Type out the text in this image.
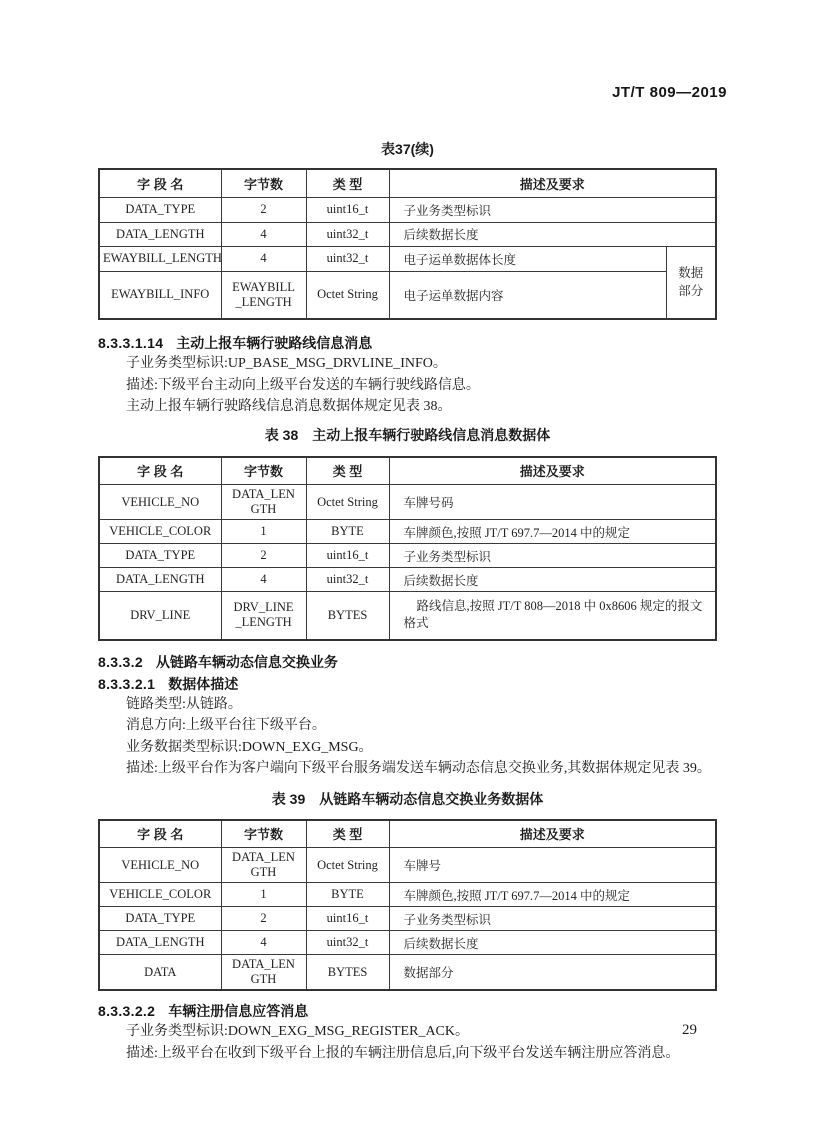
JT/T 809—2019
表37(续)
字 段 名	字节数	类 型	描述及要求	
DATA_TYPE	2	uint16_t	子业务类型标识	
DATA_LENGTH	4	uint32_t	后续数据长度	
EWAYBILL_LENGTH	4	uint32_t	电子运单数据体长度	数据部分
EWAYBILL_INFO	EWAYBILL_LENGTH	Octet String	电子运单数据内容	
8.3.3.1.14 主动上报车辆行驶路线信息消息

子业务类型标识:UP_BASE_MSG_DRVLINE_INFO。

描述:下级平台主动向上级平台发送的车辆行驶线路信息。

主动上报车辆行驶路线信息消息数据体规定见表 38。

表 38 主动上报车辆行驶路线信息消息数据体
字 段 名	字节数	类 型	描述及要求
VEHICLE_NO	DATA_LENGTH	Octet String	车牌号码
VEHICLE_COLOR	1	BYTE	车牌颜色,按照 JT/T 697.7—2014 中的规定
DATA_TYPE	2	uint16_t	子业务类型标识
DATA_LENGTH	4	uint32_t	后续数据长度
DRV_LINE	DRV_LINE_LENGTH	BYTES	路线信息,按照 JT/T 808—2018 中 0x8606 规定的报文格式
8.3.3.2 从链路车辆动态信息交换业务
8.3.3.2.1 数据体描述

链路类型:从链路。

消息方向:上级平台往下级平台。

业务数据类型标识:DOWN_EXG_MSG。

描述:上级平台作为客户端向下级平台服务端发送车辆动态信息交换业务,其数据体规定见表 39。

表 39 从链路车辆动态信息交换业务数据体
字 段 名	字节数	类 型	描述及要求
VEHICLE_NO	DATA_LENGTH	Octet String	车牌号
VEHICLE_COLOR	1	BYTE	车牌颜色,按照 JT/T 697.7—2014 中的规定
DATA_TYPE	2	uint16_t	子业务类型标识
DATA_LENGTH	4	uint32_t	后续数据长度
DATA	DATA_LENGTH	BYTES	数据部分
8.3.3.2.2 车辆注册信息应答消息

子业务类型标识:DOWN_EXG_MSG_REGISTER_ACK。

描述:上级平台在收到下级平台上报的车辆注册信息后,向下级平台发送车辆注册应答消息。

29
